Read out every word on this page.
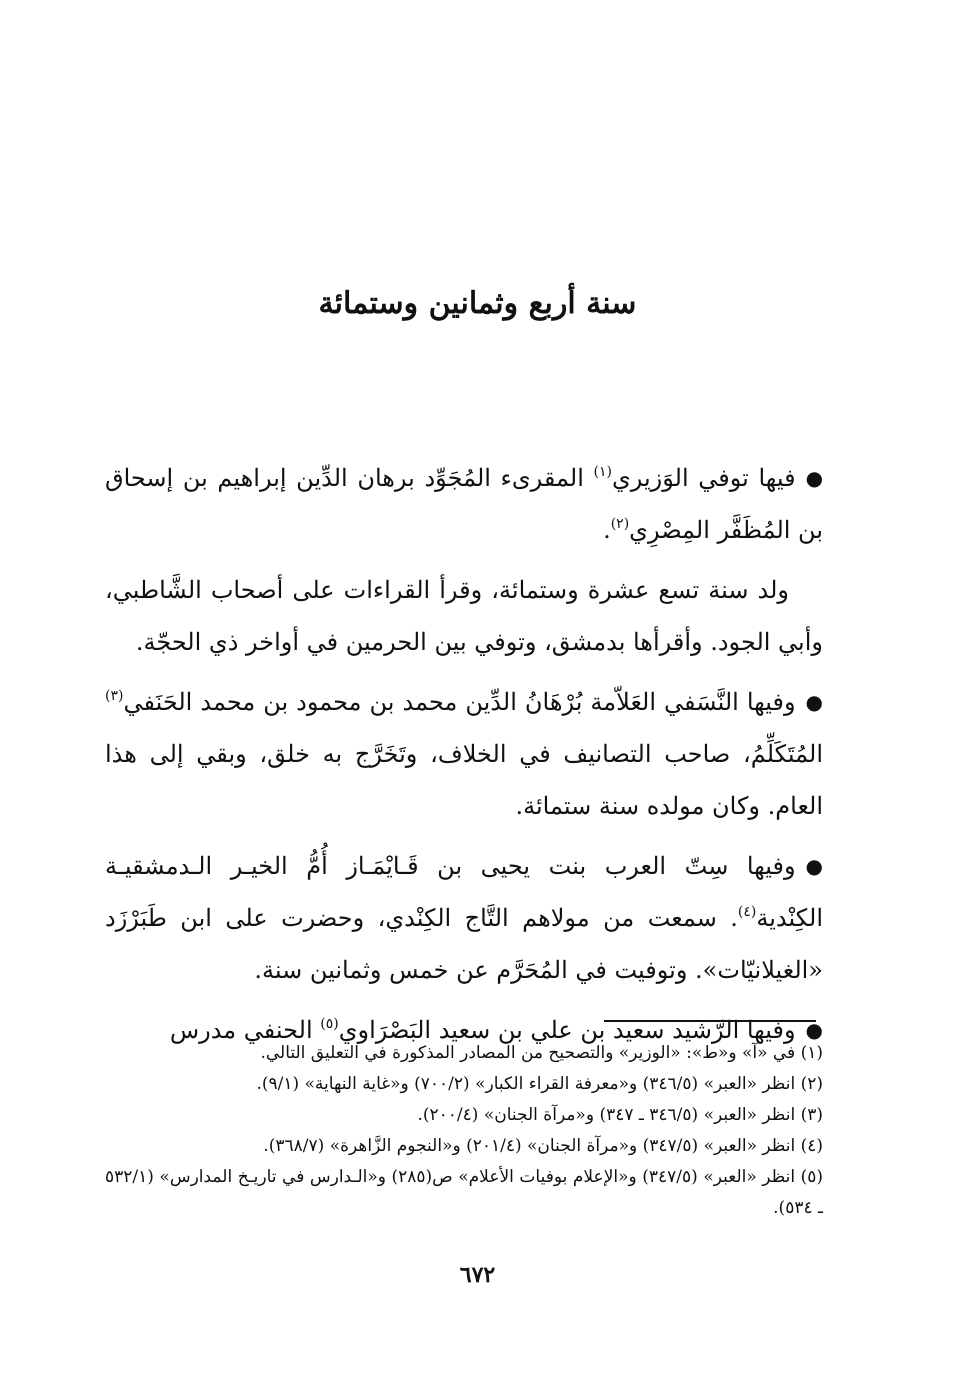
سنة أربع وثمانين وستمائة

●فيها توفي الوَزيري$^{(١)}$ المقرىء المُجَوِّد برهان الدِّين إبراهيم بن إسحاق بن المُظَفَّر المِصْرِي$^{(٢)}$.

ولد سنة تسع عشرة وستمائة، وقرأ القراءات على أصحاب الشَّاطبي، وأبي الجود. وأقرأها بدمشق، وتوفي بين الحرمين في أواخر ذي الحجّة.

●وفيها النَّسَفي العَلاّمة بُرْهَانُ الدِّين محمد بن محمود بن محمد الحَنَفي$^{(٣)}$ المُتَكَلِّمُ، صاحب التصانيف في الخلاف، وتَخَرَّج به خلق، وبقي إلى هذا العام. وكان مولده سنة ستمائة.

●وفيها سِتّ العرب بنت يحيى بن قَـايْمَـاز أُمُّ الخيـر الـدمشقيـة الكِنْدية$^{(٤)}$. سمعت من مولاهم التَّاج الكِنْدي، وحضرت على ابن طَبَرْزَد «الغيلانيّات». وتوفيت في المُحَرَّم عن خمس وثمانين سنة.

●وفيها الرَّشيد سعيد بن علي بن سعيد البَصْرَاوي$^{(٥)}$ الحنفي مدرس

(١) في «آ» و«ط»: «الوزير» والتصحيح من المصادر المذكورة في التعليق التالي.
(٢) انظر «العبر» (٣٤٦/٥) و«معرفة القراء الكبار» (٧٠٠/٢) و«غاية النهاية» (٩/١).
(٣) انظر «العبر» (٣٤٦/٥ ـ ٣٤٧) و«مرآة الجنان» (٢٠٠/٤).
(٤) انظر «العبر» (٣٤٧/٥) و«مرآة الجنان» (٢٠١/٤) و«النجوم الزَّاهرة» (٣٦٨/٧).
(٥) انظر «العبر» (٣٤٧/٥) و«الإعلام بوفيات الأعلام» ص(٢٨٥) و«الـدارس في تاريـخ المدارس» (٥٣٢/١ ـ ٥٣٤).
٦٧٢
